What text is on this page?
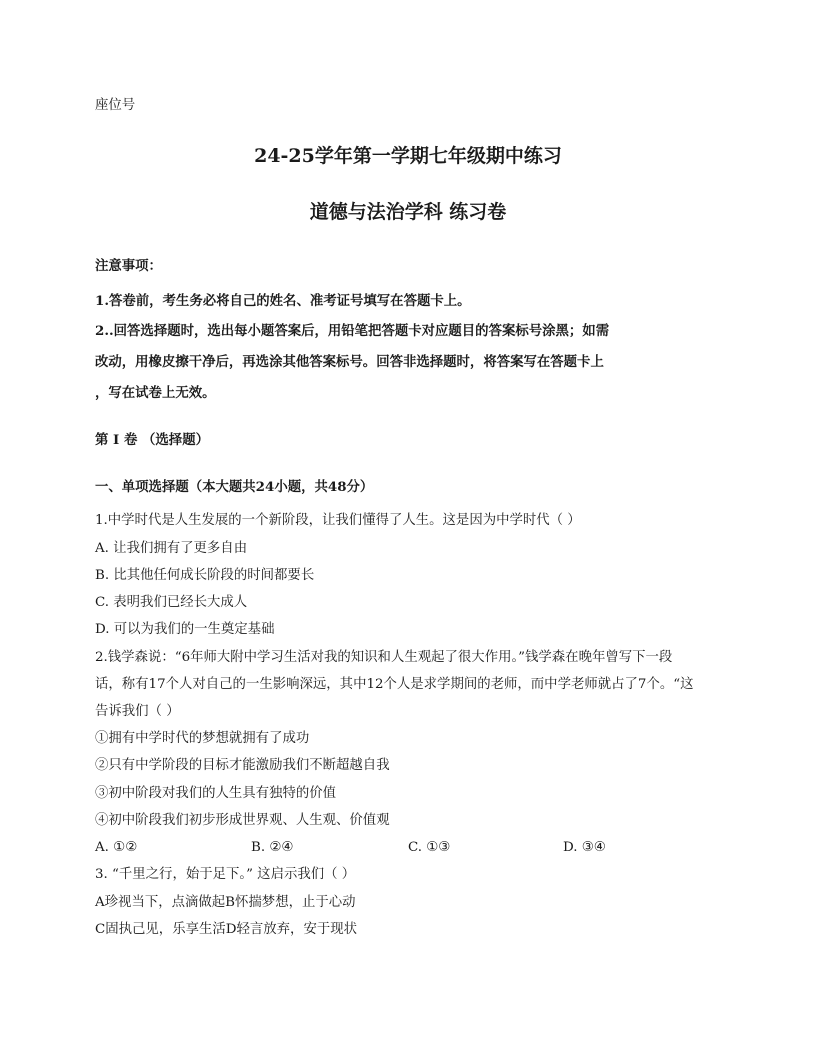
座位号
24-25学年第一学期七年级期中练习
道德与法治学科 练习卷
注意事项：
1.答卷前，考生务必将自己的姓名、准考证号填写在答题卡上。
2..回答选择题时，选出每小题答案后，用铅笔把答题卡对应题目的答案标号涂黑；如需
改动，用橡皮擦干净后，再选涂其他答案标号。回答非选择题时，将答案写在答题卡上
，写在试卷上无效。
第 Ⅰ 卷 （选择题）
一、单项选择题（本大题共24小题，共48分）
1.中学时代是人生发展的一个新阶段，让我们懂得了人生。这是因为中学时代（ ）
A. 让我们拥有了更多自由
B. 比其他任何成长阶段的时间都要长
C. 表明我们已经长大成人
D. 可以为我们的一生奠定基础
2.钱学森说：“6年师大附中学习生活对我的知识和人生观起了很大作用。”钱学森在晚年曾写下一段
话，称有17个人对自己的一生影响深远，其中12个人是求学期间的老师，而中学老师就占了7个。“这
告诉我们（ ）
①拥有中学时代的梦想就拥有了成功
②只有中学阶段的目标才能激励我们不断超越自我
③初中阶段对我们的人生具有独特的价值
④初中阶段我们初步形成世界观、人生观、价值观
A. ①②	B. ②④	C. ①③	D. ③④
3. “千里之行，始于足下。” 这启示我们（ ）
A珍视当下，点滴做起B怀揣梦想，止于心动
C固执己见，乐享生活D轻言放弃，安于现状
